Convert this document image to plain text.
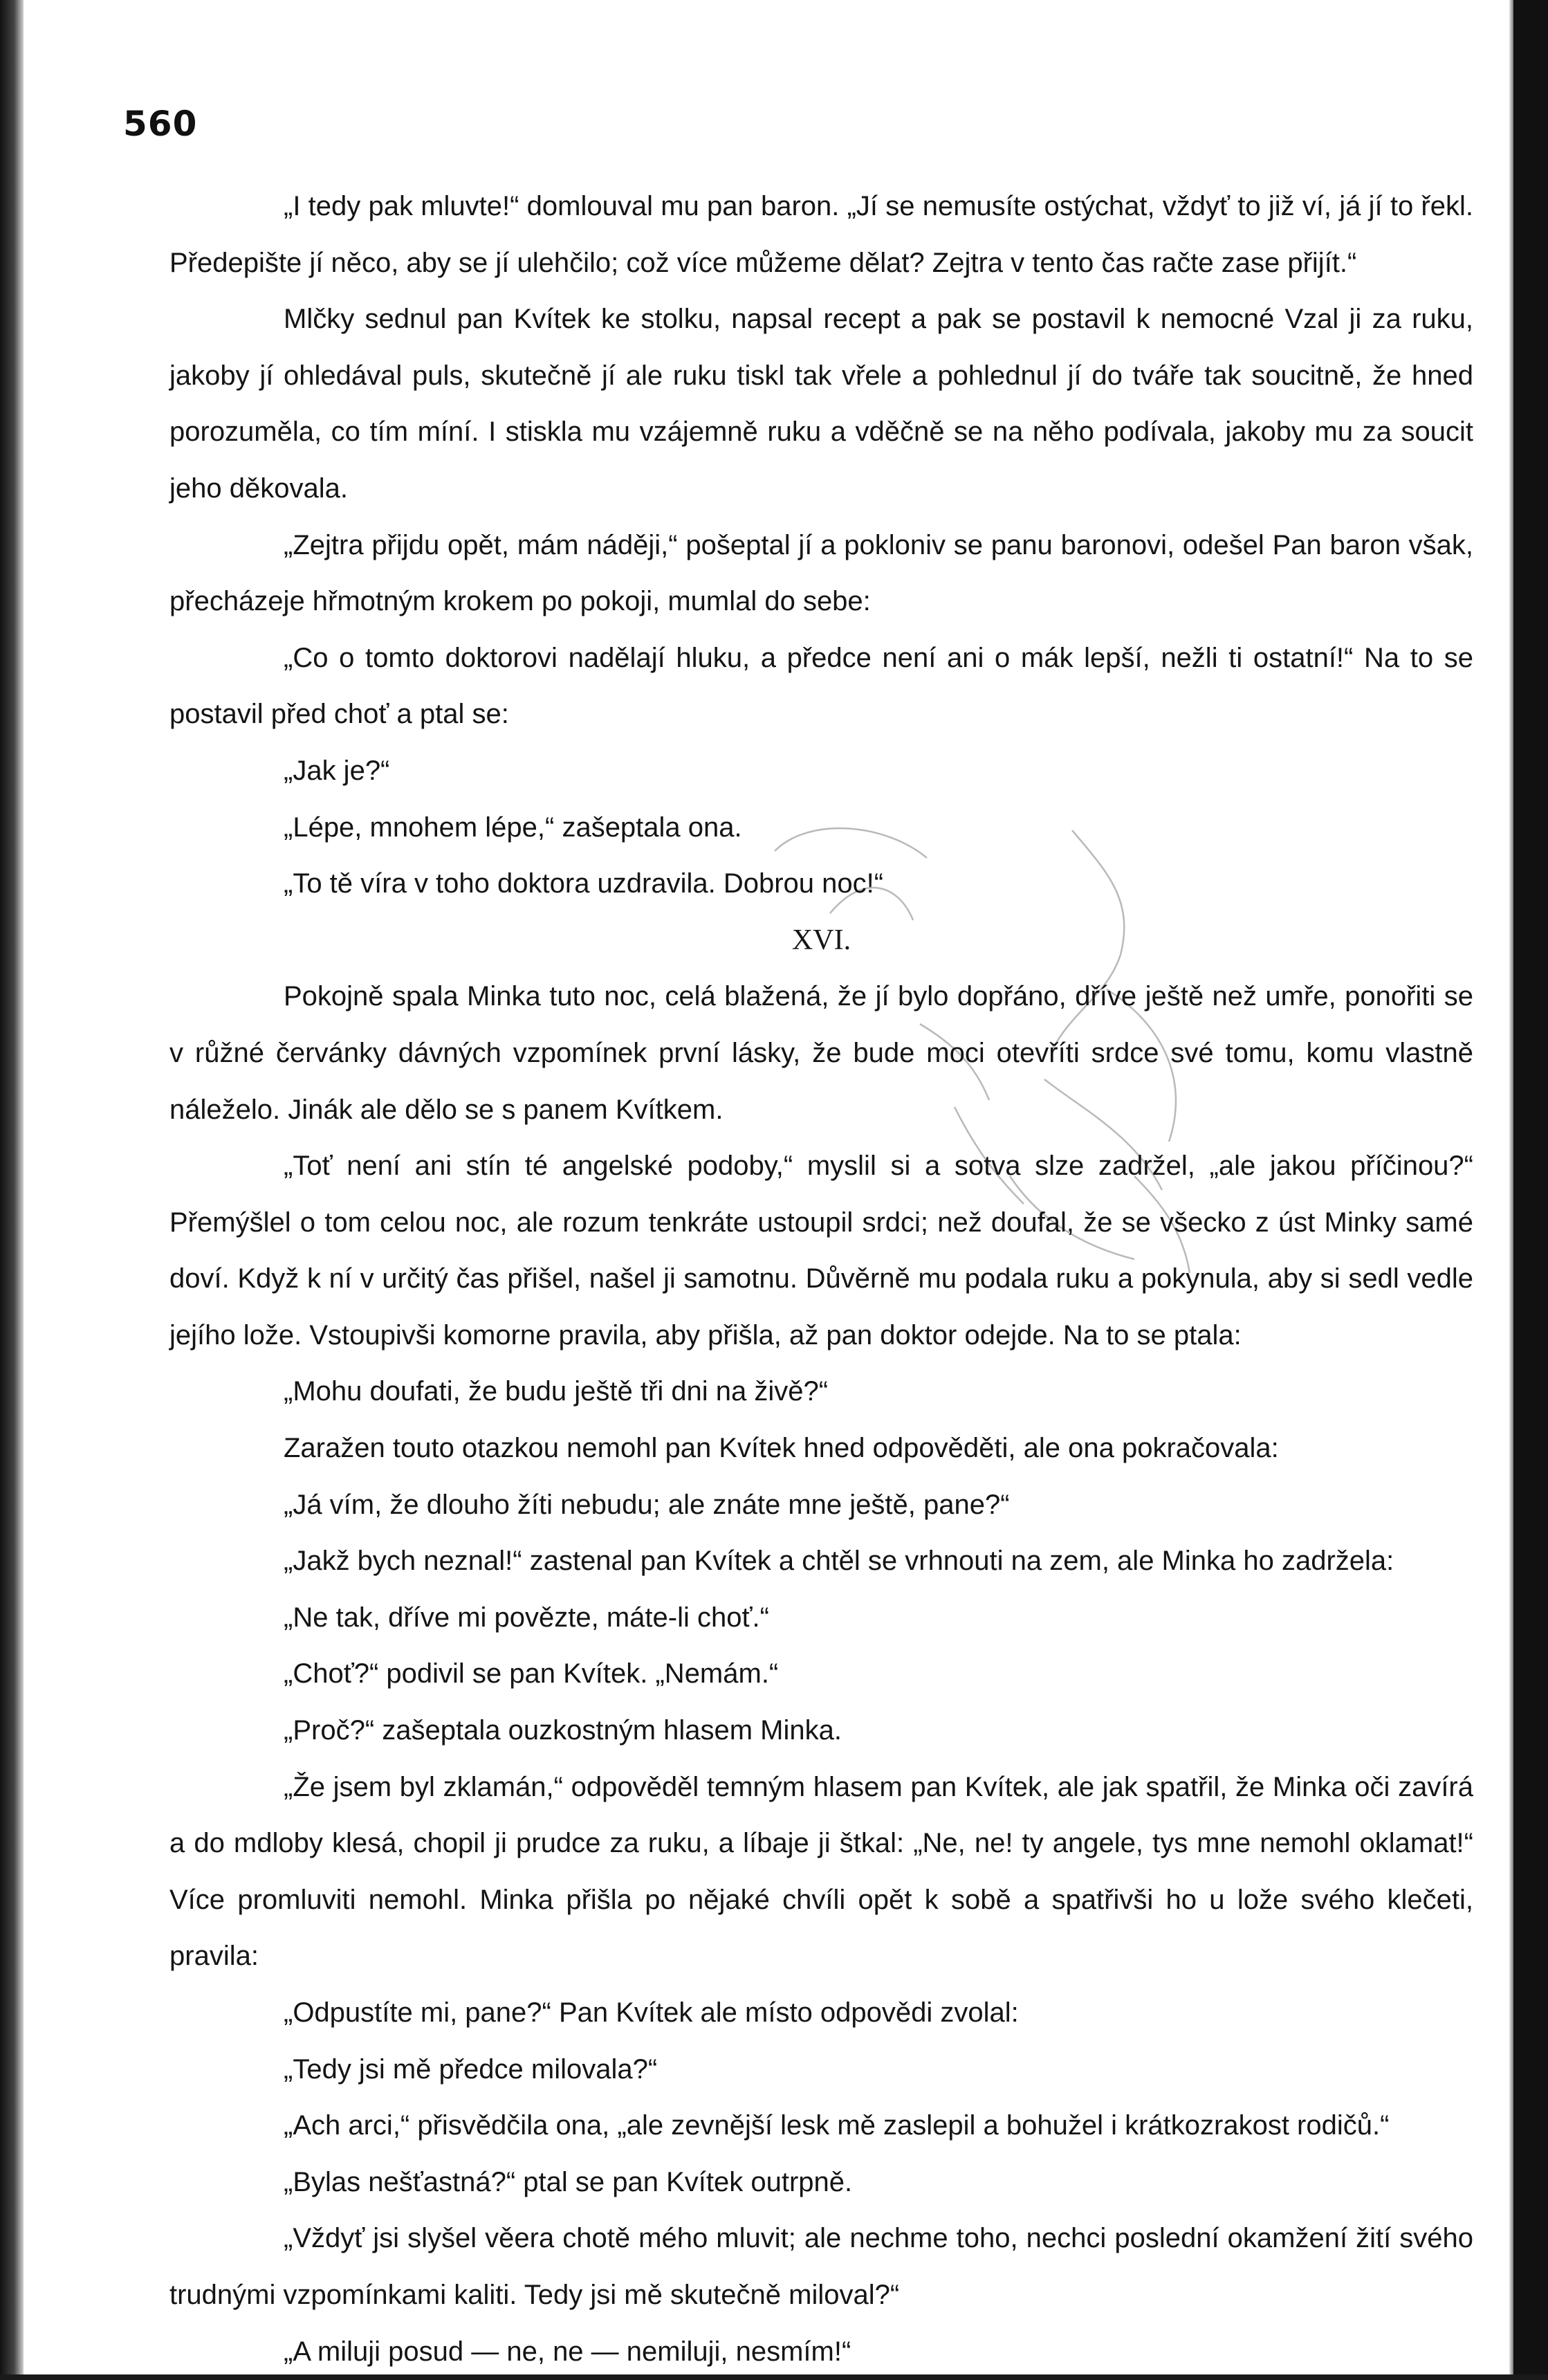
560

„I tedy pak mluvte!“ domlouval mu pan baron. „Jí se nemusíte ostýchat, vždyť to již ví, já jí to řekl. Předepište jí něco, aby se jí ulehčilo; což více můžeme dělat? Zejtra v tento čas račte zase přijít.“

Mlčky sednul pan Kvítek ke stolku, napsal recept a pak se postavil k nemocné Vzal ji za ruku, jakoby jí ohledával puls, skutečně jí ale ruku tiskl tak vřele a pohlednul jí do tváře tak soucitně, že hned porozuměla, co tím míní. I stiskla mu vzájemně ruku a vděčně se na něho podívala, jakoby mu za soucit jeho děkovala.

„Zejtra přijdu opět, mám náději,“ pošeptal jí a pokloniv se panu baronovi, odešel Pan baron však, přecházeje hřmotným krokem po pokoji, mumlal do sebe:

„Co o tomto doktorovi nadělají hluku, a předce není ani o mák lepší, nežli ti ostatní!“ Na to se postavil před choť a ptal se:

„Jak je?“

„Lépe, mnohem lépe,“ zašeptala ona.

„To tě víra v toho doktora uzdravila. Dobrou noc!“

XVI.

Pokojně spala Minka tuto noc, celá blažená, že jí bylo dopřáno, dříve ještě než umře, ponořiti se v růžné červánky dávných vzpomínek první lásky, že bude moci otevříti srdce své tomu, komu vlastně náleželo. Jinák ale dělo se s panem Kvítkem.

„Toť není ani stín té angelské podoby,“ myslil si a sotva slze zadržel, „ale jakou příčinou?“ Přemýšlel o tom celou noc, ale rozum tenkráte ustoupil srdci; než doufal, že se všecko z úst Minky samé doví. Když k ní v určitý čas přišel, našel ji samotnu. Důvěrně mu podala ruku a pokynula, aby si sedl vedle jejího lože. Vstoupivši komorne pravila, aby přišla, až pan doktor odejde. Na to se ptala:

„Mohu doufati, že budu ještě tři dni na živě?“

Zaražen touto otazkou nemohl pan Kvítek hned odpověděti, ale ona pokračovala:

„Já vím, že dlouho žíti nebudu; ale znáte mne ještě, pane?“

„Jakž bych neznal!“ zastenal pan Kvítek a chtěl se vrhnouti na zem, ale Minka ho zadržela:

„Ne tak, dříve mi povězte, máte-li choť.“

„Choť?“ podivil se pan Kvítek. „Nemám.“

„Proč?“ zašeptala ouzkostným hlasem Minka.

„Že jsem byl zklamán,“ odpověděl temným hlasem pan Kvítek, ale jak spatřil, že Minka oči zavírá a do mdloby klesá, chopil ji prudce za ruku, a líbaje ji štkal: „Ne, ne! ty angele, tys mne nemohl oklamat!“ Více promluviti nemohl. Minka přišla po nějaké chvíli opět k sobě a spatřivši ho u lože svého klečeti, pravila:

„Odpustíte mi, pane?“ Pan Kvítek ale místo odpovědi zvolal:

„Tedy jsi mě předce milovala?“

„Ach arci,“ přisvědčila ona, „ale zevnější lesk mě zaslepil a bohužel i krátkozrakost rodičů.“

„Bylas nešťastná?“ ptal se pan Kvítek outrpně.

„Vždyť jsi slyšel věera chotě mého mluvit; ale nechme toho, nechci poslední okamžení žití svého trudnými vzpomínkami kaliti. Tedy jsi mě skutečně miloval?“

„A miluji posud — ne, ne — nemiluji, nesmím!“
